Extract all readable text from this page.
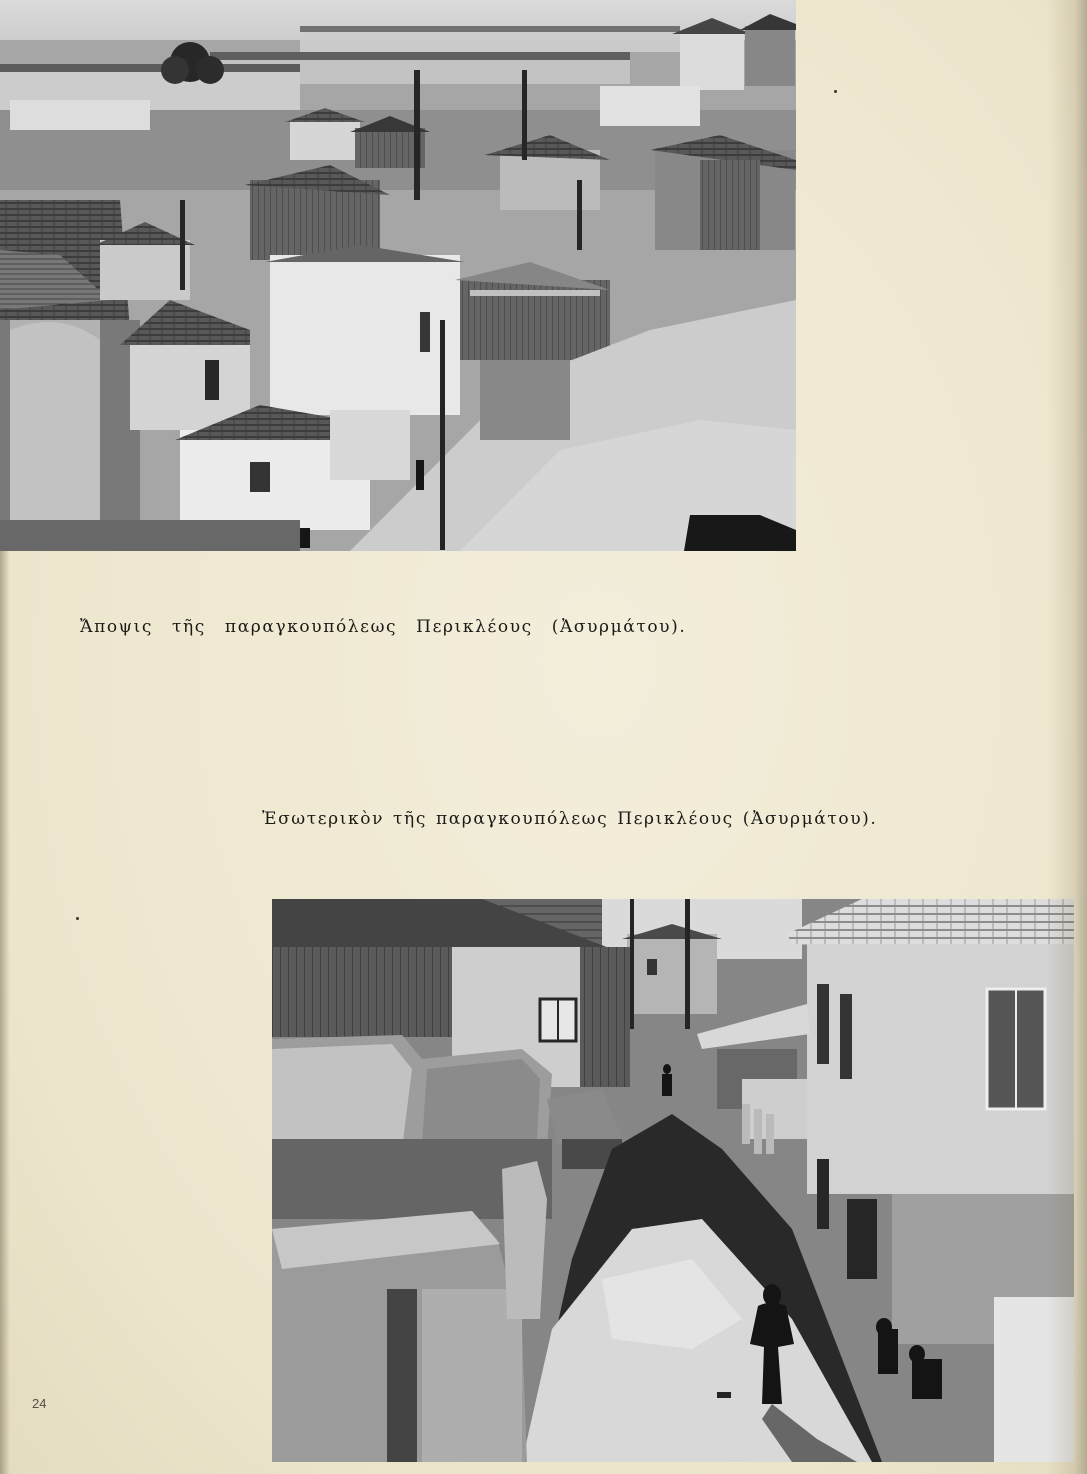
Ἄποψις τῆς παραγκουπόλεως Περικλέους (Ἀσυρμάτου).
Ἐσωτερικὸν τῆς παραγκουπόλεως Περικλέους (Ἀσυρμάτου).
24
